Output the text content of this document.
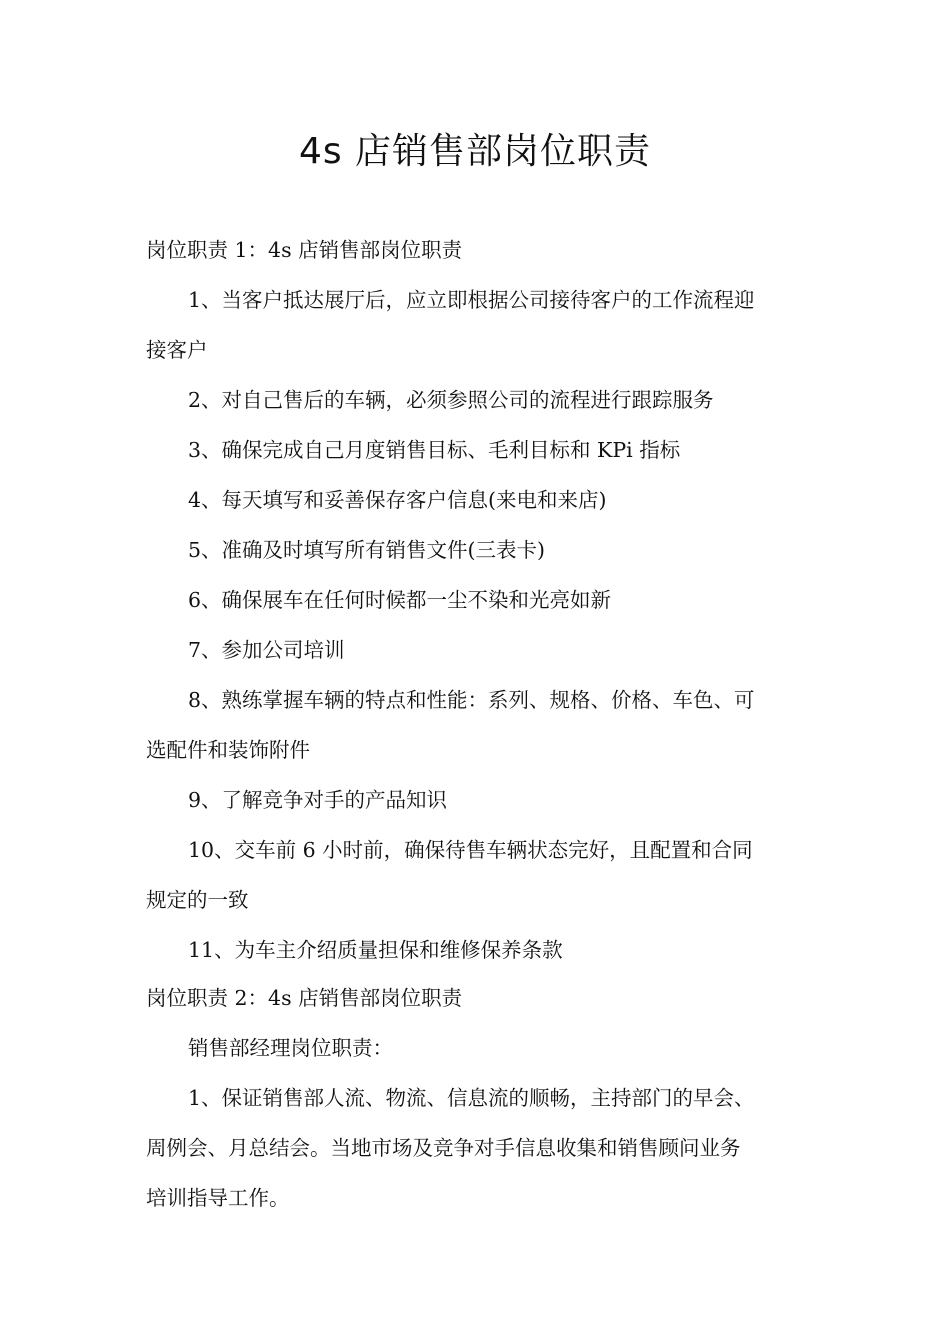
4s 店销售部岗位职责

岗位职责 1：4s 店销售部岗位职责

1、当客户抵达展厅后，应立即根据公司接待客户的工作流程迎

接客户

2、对自己售后的车辆，必须参照公司的流程进行跟踪服务

3、确保完成自己月度销售目标、毛利目标和 KPi 指标

4、每天填写和妥善保存客户信息(来电和来店)

5、准确及时填写所有销售文件(三表卡)

6、确保展车在任何时候都一尘不染和光亮如新

7、参加公司培训

8、熟练掌握车辆的特点和性能：系列、规格、价格、车色、可

选配件和装饰附件

9、了解竞争对手的产品知识

10、交车前 6 小时前，确保待售车辆状态完好，且配置和合同

规定的一致

11、为车主介绍质量担保和维修保养条款

岗位职责 2：4s 店销售部岗位职责

销售部经理岗位职责：

1、保证销售部人流、物流、信息流的顺畅，主持部门的早会、

周例会、月总结会。当地市场及竞争对手信息收集和销售顾问业务

培训指导工作。
